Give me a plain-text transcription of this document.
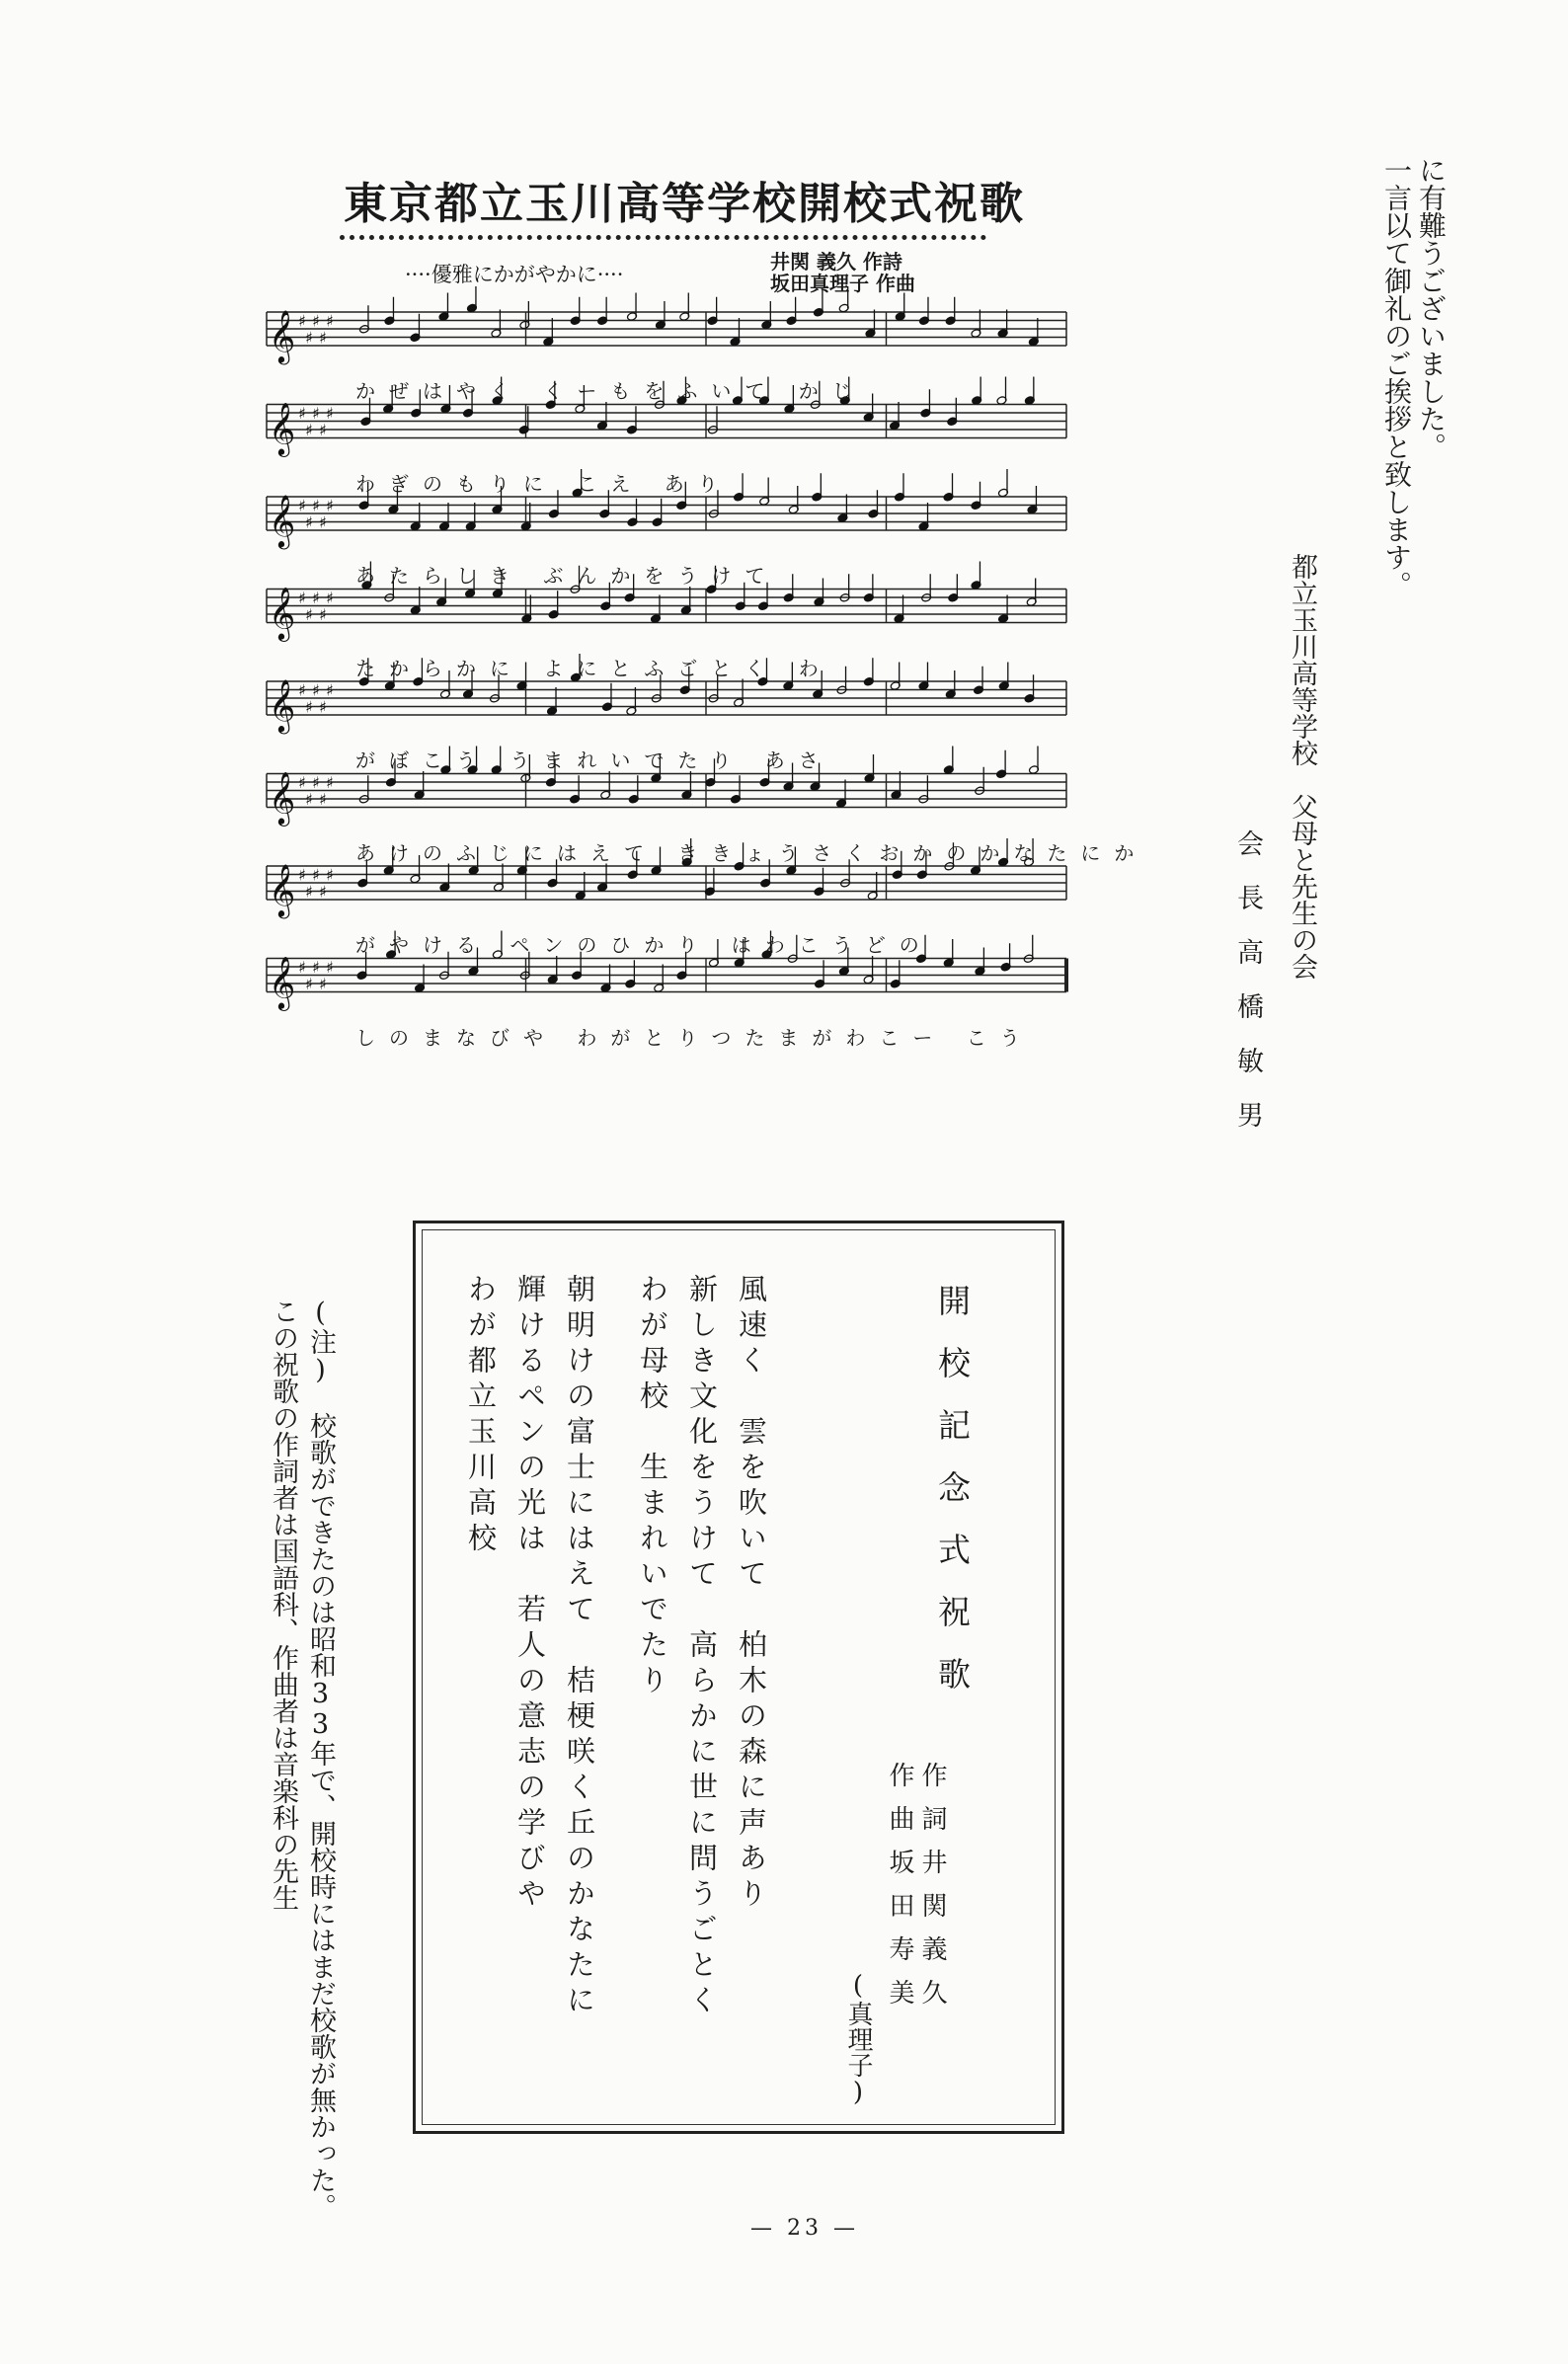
東京都立玉川高等学校開校式祝歌
····優雅にかがやかに····
井関 義久 作詩
坂田真理子 作曲
𝄞 ♯
♯
♯
♯
♯
𝄞 ♯
♯
♯
♯
♯
𝄞 ♯
♯
♯
♯
♯
𝄞 ♯
♯
♯
♯
♯
𝄞 ♯
♯
♯
♯
♯
𝄞 ♯
♯
♯
♯
♯
𝄞 ♯
♯
♯
♯
♯
𝄞 ♯
♯
♯
♯
♯
かぜはやく くーもをふいて かじ
わぎのもりに こえ あり
あたらしき ぶんかをうけて
たからかに よにとふごとく わ
がぼこう うまれいでたり あさ
あけのふじにはえて ききょうさくおかのかなたにか
がやける ペンのひかり はわこうどの
しのまなびや わがとりつたまがわこー こう
に有難うございました。
一言以て御礼のご挨拶と致します。
都立玉川高等学校　父母と先生の会
会長高橋敏男
開校記念式祝歌
風速く　雲を吹いて　柏木の森に声あり
新しき文化をうけて　高らかに世に問うごとく
わが母校　生まれいでたり
朝明けの富士にはえて　桔梗咲く丘のかなたに
輝けるペンの光は　若人の意志の学びや
わが都立玉川高校
作詞井関義久
作曲坂田寿美
(真理子)
(注)　校歌ができたのは昭和33年で、開校時にはまだ校歌が無かった。
この祝歌の作詞者は国語科、作曲者は音楽科の先生
— 23 —
